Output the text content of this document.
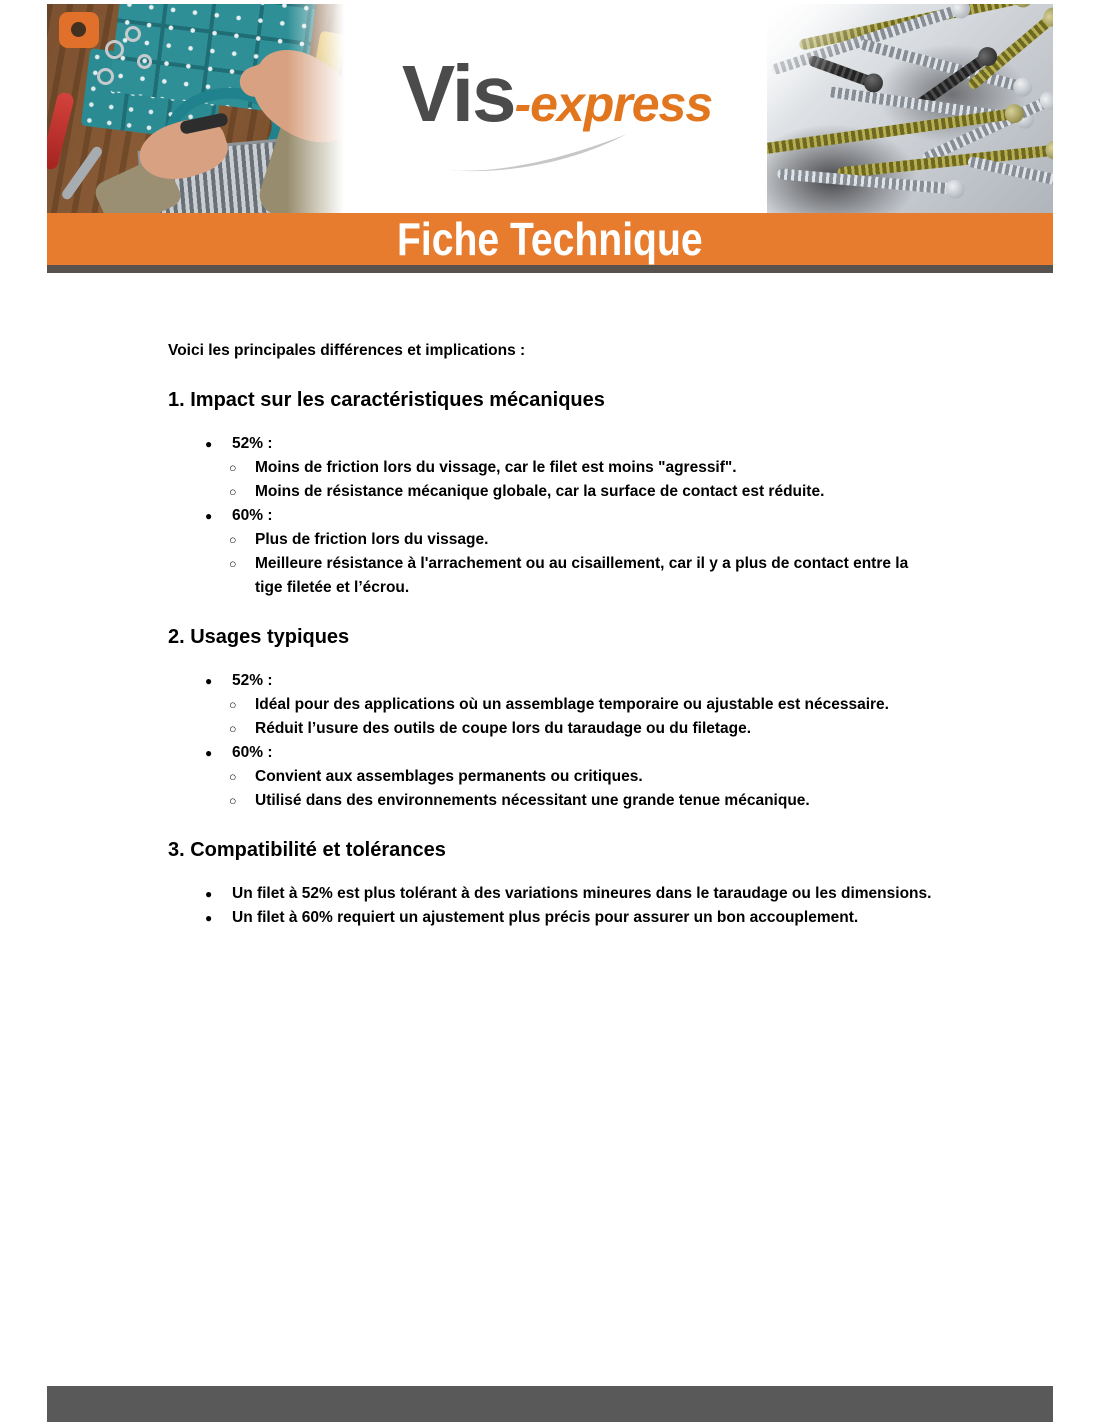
Vis-express
Fiche Technique

Voici les principales différences et implications :

1. Impact sur les caractéristiques mécaniques
●	52% :
○	Moins de friction lors du vissage, car le filet est moins "agressif".
○	Moins de résistance mécanique globale, car la surface de contact est réduite.
●	60% :
○	Plus de friction lors du vissage.
○	Meilleure résistance à l'arrachement ou au cisaillement, car il y a plus de contact entre la tige filetée et l’écrou.
2. Usages typiques
●	52% :
○	Idéal pour des applications où un assemblage temporaire ou ajustable est nécessaire.
○	Réduit l’usure des outils de coupe lors du taraudage ou du filetage.
●	60% :
○	Convient aux assemblages permanents ou critiques.
○	Utilisé dans des environnements nécessitant une grande tenue mécanique.
3. Compatibilité et tolérances
●	Un filet à 52% est plus tolérant à des variations mineures dans le taraudage ou les dimensions.
●	Un filet à 60% requiert un ajustement plus précis pour assurer un bon accouplement.
